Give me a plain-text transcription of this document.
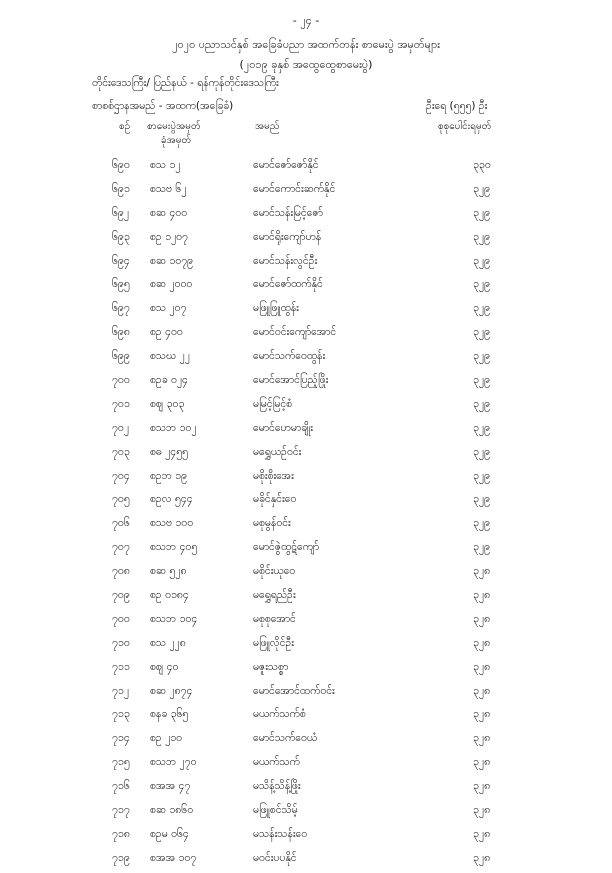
- ၂၄ -
၂၀၂၀ ပညာသင်နှစ် အခြေခံပညာ အထက်တန်း စာမေးပွဲ အမှတ်များ
(၂၀၁၉ ခုနှစ် အထွေထွေစာမေးပွဲ)
တိုင်းဒေသကြီး/ ပြည်နယ် - ရန်ကုန်တိုင်းဒေသကြီး
စာစစ်ဌာနအမည် - အထက(အခြေခံ)	ဦးရေ (၅၅၅) ဦး
စဉ် စာမေးပွဲအမှတ်
ခုံအမှတ်
အမည်	စုစုပေါင်းရမှတ်
၆၉၀ စသ ၁၂	မောင်ဇော်ဇော်နိုင်	၃၃၀
၆၉၁ စသဗ ၆၂	မောင်ကောင်းဆက်နိုင်	၃၂၉
၆၉၂ စဆ ၄၀၀	မောင်သန်းမြင့်ဇော်	၃၂၉
၆၉၃ စဥ ၁၂၀၇	မောင်ရိုးကျော်ဟန်	၃၂၉
၆၉၄ စဆ ၁၀၇၉	မောင်သန်းလွင်ဦး	၃၂၉
၆၉၅ စဆ ၂၀၀၀	မောင်ဇော်ထက်နိုင်	၃၂၉
၆၉၇ စသ ၂၀၇	မဖြူဖြူထွန်း	၃၂၉
၆၉၈ စဥ ၄၀၀	မောင်ဝင်းကျော်အောင်	၃၂၉
၆၉၉ စသဃ ၂၂	မောင်သက်ဝေထွန်း	၃၂၉
၇၀၀ စဥခ ၀၂၄	မောင်အောင်ပြည့်ဖြိုး	၃၂၉
၇၀၁ စဈ ၃၀၃	မမြင့်မြင့်စံ	၃၂၉
၇၀၂ စသဘ ၁၀၂	မောင်ဟေမာချိုး	၃၂၉
၇၀၃ စဓ ၂၄၅၅	မရွှေယဉ်ဝင်း	၃၂၉
၇၀၄ စဥဘ ၁၉	မစိုးစိုးအေး	၃၂၉
၇၀၅ စဥလ ၅၄၄	မခိုင်နှင်းဝေ	၃၂၉
၇၀၆ စသဗ ၁၀၀	မစုမွန်ဝင်း	၃၂၉
၇၀၇ စသဘ ၄၀၅	မောင်ဇွဲထွဋ်ကျော်	၃၂၉
၇၀၈ စဆ ၅၂၈	မစိုင်းယုဝေ	၃၂၈
၇၀၉ စဥ ၀၁၈၄	မရွှေရည်ဦး	၃၂၈
၇၀၀ စသဘ ၁၀၄	မစုစုအောင်	၃၂၈
၇၁၀ စသ ၂၂၈	မဖြူလိုင်ဦး	၃၂၈
၇၁၁ စဈ ၄၀	မဇူးသစ္စာ	၃၂၈
၇၁၂ စဆ ၂၈၇၄	မောင်အောင်ထက်ဝင်း	၃၂၈
၇၁၃ စနခ ၃၆၅	မယက်သက်စံ	၃၂၈
၇၁၄ စဥ ၂၁၀	မောင်သက်ဝေယံ	၃၂၈
၇၁၅ စသဘ ၂၇၀	မယက်သက်	၃၂၈
၇၁၆ စအအ ၄၇	မသိန့်သိန့်ဖြိုး	၃၂၈
၇၁၇ စဆ ၁၈၆၀	မဖြူစင်သိမ့်	၃၂၈
၇၁၈ စဥမ ၀၆၄	မသန်းသန်းဝေ	၃၂၈
၇၁၉ စအအ ၁၀၇	မဝင်းပပနိုင်	၃၂၈
